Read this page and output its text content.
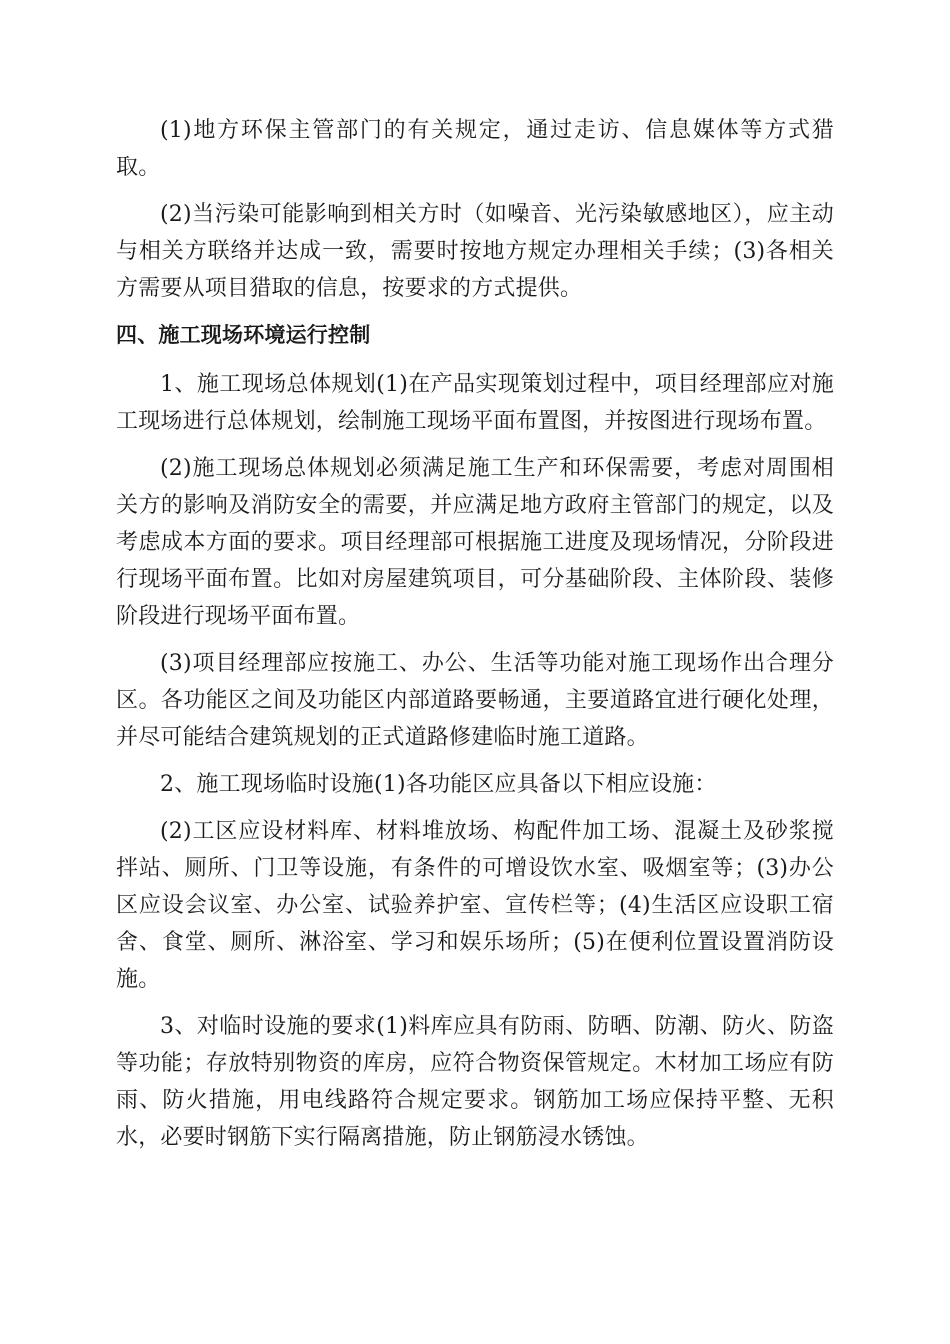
(1)地方环保主管部门的有关规定，通过走访、信息媒体等方式猎取。

(2)当污染可能影响到相关方时（如噪音、光污染敏感地区），应主动与相关方联络并达成一致，需要时按地方规定办理相关手续；(3)各相关方需要从项目猎取的信息，按要求的方式提供。

四、施工现场环境运行控制

1、施工现场总体规划(1)在产品实现策划过程中，项目经理部应对施工现场进行总体规划，绘制施工现场平面布置图，并按图进行现场布置。

(2)施工现场总体规划必须满足施工生产和环保需要，考虑对周围相关方的影响及消防安全的需要，并应满足地方政府主管部门的规定，以及考虑成本方面的要求。项目经理部可根据施工进度及现场情况，分阶段进行现场平面布置。比如对房屋建筑项目，可分基础阶段、主体阶段、装修阶段进行现场平面布置。

(3)项目经理部应按施工、办公、生活等功能对施工现场作出合理分区。各功能区之间及功能区内部道路要畅通，主要道路宜进行硬化处理，并尽可能结合建筑规划的正式道路修建临时施工道路。

2、施工现场临时设施(1)各功能区应具备以下相应设施：

(2)工区应设材料库、材料堆放场、构配件加工场、混凝土及砂浆搅拌站、厕所、门卫等设施，有条件的可增设饮水室、吸烟室等；(3)办公区应设会议室、办公室、试验养护室、宣传栏等；(4)生活区应设职工宿舍、食堂、厕所、淋浴室、学习和娱乐场所；(5)在便利位置设置消防设施。

3、对临时设施的要求(1)料库应具有防雨、防晒、防潮、防火、防盗等功能；存放特别物资的库房，应符合物资保管规定。木材加工场应有防雨、防火措施，用电线路符合规定要求。钢筋加工场应保持平整、无积水，必要时钢筋下实行隔离措施，防止钢筋浸水锈蚀。
